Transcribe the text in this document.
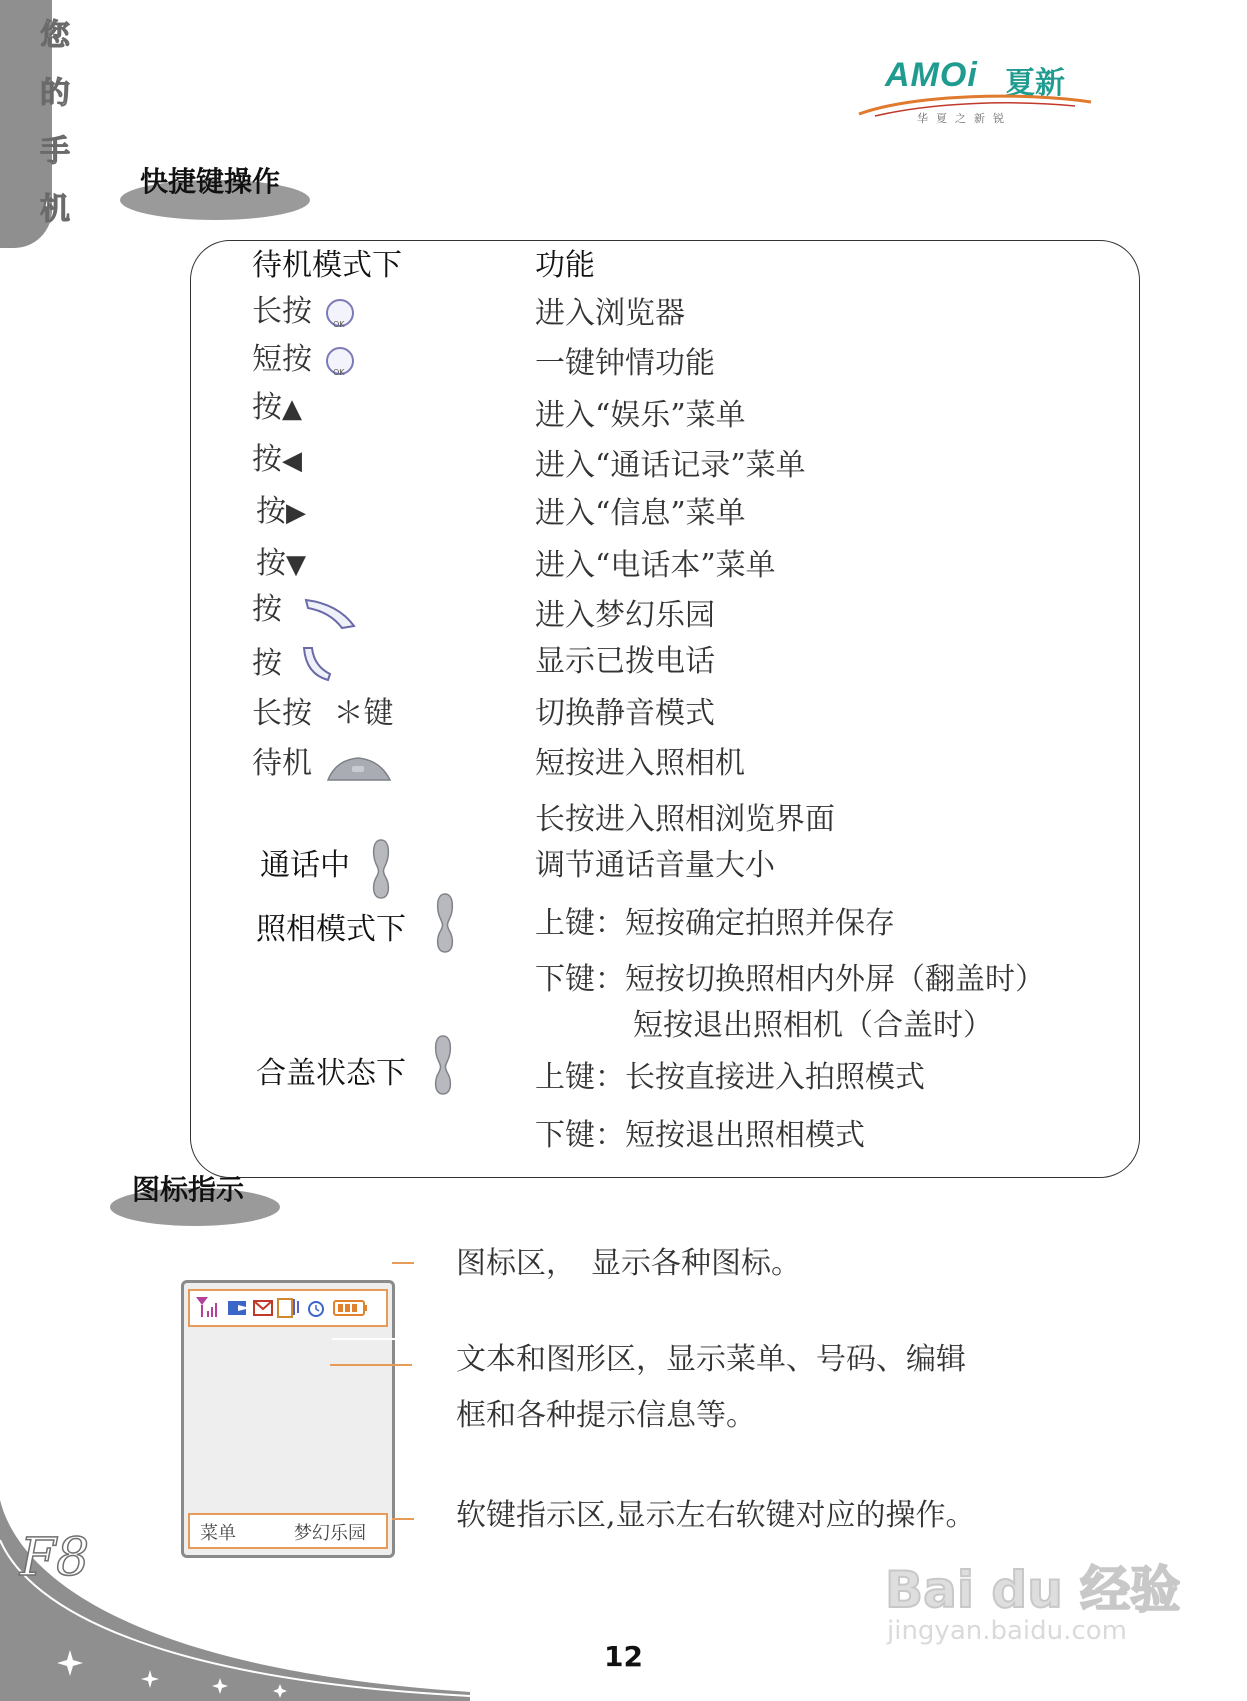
您
的
手
机
AMOi 夏新
华夏之新锐
快捷键操作
待机模式下	功能
长按 OK	进入浏览器
短按 OK	一键钟情功能
按▲	进入“娱乐”菜单
按◀	进入“通话记录”菜单
按▶	进入“信息”菜单
按▼	进入“电话本”菜单
按	进入梦幻乐园
按	显示已拨电话
长按 ＊键	切换静音模式
待机	短按进入照相机
长按进入照相浏览界面
通话中	调节通话音量大小
照相模式下	上键：短按确定拍照并保存
下键：短按切换照相内外屏（翻盖时）
短按退出照相机（合盖时）
合盖状态下	上键：长按直接进入拍照模式
下键：短按退出照相模式
图标指示
菜单	梦幻乐园
图标区，　显示各种图标。
文本和图形区，显示菜单、号码、编辑
框和各种提示信息等。
软键指示区,显示左右软键对应的操作。
F8
12
Bai du 经验
jingyan.baidu.com
